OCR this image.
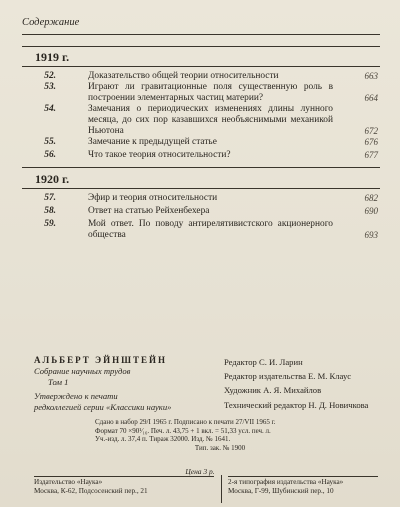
Содержание
1919 г.
52.	Доказательство общей теории относительности	663
53.	Играют ли гравитационные поля существенную роль в построении элементарных частиц материи?	664
54.	Замечания о периодических изменениях длины лунного месяца, до сих пор казавшихся необъяснимыми механикой Ньютона	672
55.	Замечание к предыдущей статье	676
56.	Что такое теория относительности?	677
1920 г.
57.	Эфир и теория относительности	682
58.	Ответ на статью Рейхенбехера	690
59.	Мой ответ. По поводу антирелятивистского акционерного общества	693
АЛЬБЕРТ ЭЙНШТЕЙН
Собрание научных трудов
Том 1
Утверждено к печати
редколлегией серии «Классики науки»
Редактор С. И. Ларин
Редактор издательства Е. М. Клаус
Художник А. Я. Михайлов
Технический редактор Н. Д. Новичкова
Сдано в набор 29/I 1965 г. Подписано к печати 27/VII 1965 г.
Формат 70 ×90¹⁄₁₆. Печ. л. 43,75 + 1 вкл. = 51,33 усл. печ. л.
Уч.-изд. л. 37,4 п. Тираж 32000. Изд. № 1641.
Тип. зак. № 1900
Цена 3 р.
Издательство «Наука»
Москва, К-62, Подсосенский пер., 21
2-я типография издательства «Наука»
Москва, Г-99, Шубинский пер., 10
